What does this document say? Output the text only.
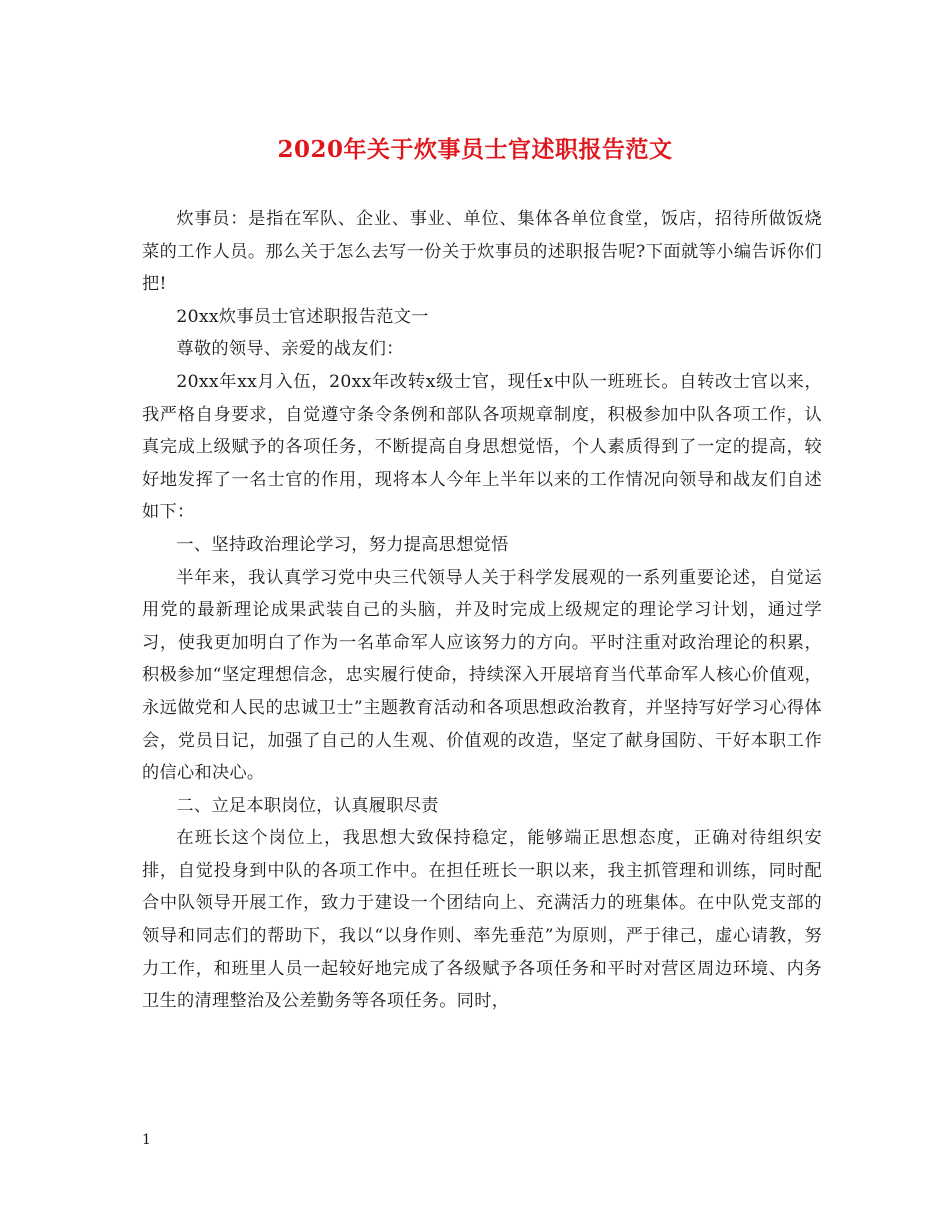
2020年关于炊事员士官述职报告范文

炊事员：是指在军队、企业、事业、单位、集体各单位食堂，饭店，招待所做饭烧菜的工作人员。那么关于怎么去写一份关于炊事员的述职报告呢?下面就等小编告诉你们把!

20xx炊事员士官述职报告范文一

尊敬的领导、亲爱的战友们：

20xx年xx月入伍，20xx年改转x级士官，现任x中队一班班长。自转改士官以来，我严格自身要求，自觉遵守条令条例和部队各项规章制度，积极参加中队各项工作，认真完成上级赋予的各项任务，不断提高自身思想觉悟，个人素质得到了一定的提高，较好地发挥了一名士官的作用，现将本人今年上半年以来的工作情况向领导和战友们自述如下：

一、坚持政治理论学习，努力提高思想觉悟

半年来，我认真学习党中央三代领导人关于科学发展观的一系列重要论述，自觉运用党的最新理论成果武装自己的头脑，并及时完成上级规定的理论学习计划，通过学习，使我更加明白了作为一名革命军人应该努力的方向。平时注重对政治理论的积累，积极参加“坚定理想信念，忠实履行使命，持续深入开展培育当代革命军人核心价值观，永远做党和人民的忠诚卫士”主题教育活动和各项思想政治教育，并坚持写好学习心得体会，党员日记，加强了自己的人生观、价值观的改造，坚定了献身国防、干好本职工作的信心和决心。

二、立足本职岗位，认真履职尽责

在班长这个岗位上，我思想大致保持稳定，能够端正思想态度，正确对待组织安排，自觉投身到中队的各项工作中。在担任班长一职以来，我主抓管理和训练，同时配合中队领导开展工作，致力于建设一个团结向上、充满活力的班集体。在中队党支部的领导和同志们的帮助下，我以“以身作则、率先垂范”为原则，严于律己，虚心请教，努力工作，和班里人员一起较好地完成了各级赋予各项任务和平时对营区周边环境、内务卫生的清理整治及公差勤务等各项任务。同时，

1
